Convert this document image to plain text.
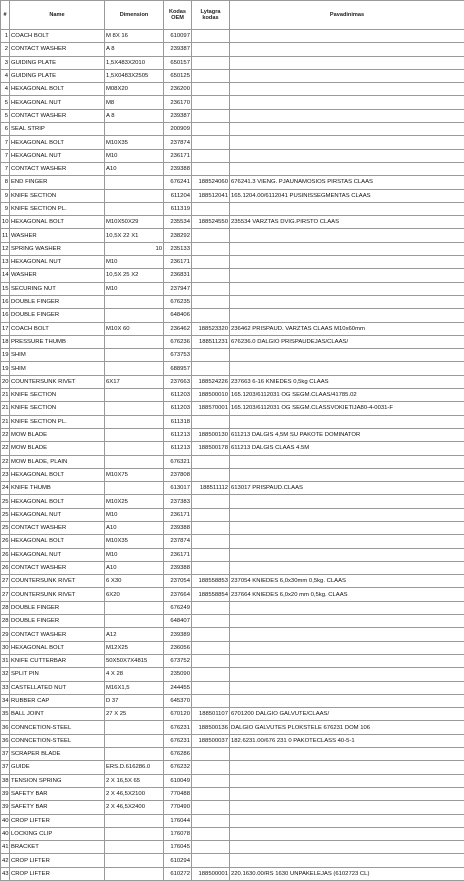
#	Name	Dimension	Kodas OEM	Lytagra kodas	Pavadinimas
1	COACH BOLT	M 8X 16	610097		
2	CONTACT WASHER	A 8	239387		
3	GUIDING PLATE	1,5X483X2010	650157		
4	GUIDING PLATE	1,5X0483X2505	650125		
4	HEXAGONAL BOLT	M08X20	236200		
5	HEXAGONAL NUT	M8	236170		
5	CONTACT WASHER	A 8	239387		
6	SEAL STRIP		200909		
7	HEXAGONAL BOLT	M10X35	237874		
7	HEXAGONAL NUT	M10	236171		
7	CONTACT WASHER	A10	239388		
8	END FINGER		676241	188524060	676241.3 VIENG. PJAUNAMOSIOS PIRSTAS CLAAS
9	KNIFE SECTION		611204	188512041	165.1204.00/6112041 PUSINISSEGMENTAS CLAAS
9	KNIFE SECTION PL.		611319		
10	HEXAGONAL BOLT	M10X50X29	235534	188524550	235534 VARZTAS DVIG.PIRSTO CLAAS
11	WASHER	10,5X 22 X1	238292		
12	SPRING WASHER	10	235133		
13	HEXAGONAL NUT	M10	236171		
14	WASHER	10,5X 25 X2	236831		
15	SECURING NUT	M10	237947		
16	DOUBLE FINGER		676235		
16	DOUBLE FINGER		648406		
17	COACH BOLT	M10X 60	236462	188523320	236462 PRISPAUD. VARZTAS CLAAS M10x60mm
18	PRESSURE THUMB		676236	188511231	676236.0 DALGIO PRISPAUDEJAS/CLAAS/
19	SHIM		673753		
19	SHIM		688957		
20	COUNTERSUNK RIVET	6X17	237663	188524226	237663 6-16 KNIEDES 0,5kg CLAAS
21	KNIFE SECTION		611203	188500010	165.1203/6112031 OG SEGM.CLAAS/41785.02
21	KNIFE SECTION		611203	188570001	165.1203/6112031 OG SEGM.CLASSVOKIETIJA80-4-0031-F
21	KNIFE SECTION PL.		611318		
22	MOW BLADE		611213	188500130	611213 DALGIS 4,5M SU PAKOTE DOMINATOR
22	MOW BLADE		611213	188500178	611213 DALGIS CLAAS 4.5M
22	MOW BLADE, PLAIN		676321		
23	HEXAGONAL BOLT	M10X75	237808		
24	KNIFE THUMB		613017	188511112	613017 PRISPAUD.CLAAS
25	HEXAGONAL BOLT	M10X25	237383		
25	HEXAGONAL NUT	M10	236171		
25	CONTACT WASHER	A10	239388		
26	HEXAGONAL BOLT	M10X35	237874		
26	HEXAGONAL NUT	M10	236171		
26	CONTACT WASHER	A10	239388		
27	COUNTERSUNK RIVET	6 X30	237054	188558853	237054 KNIEDES 6,0x30mm 0,5kg. CLAAS
27	COUNTERSUNK RIVET	6X20	237664	188558854	237664 KNIEDES 6,0x20 mm 0,5kg. CLAAS
28	DOUBLE FINGER		676249		
28	DOUBLE FINGER		648407		
29	CONTACT WASHER	A12	239389		
30	HEXAGONAL BOLT	M12X25	236056		
31	KNIFE CUTTERBAR	50X50X7X4815	673752		
32	SPLIT PIN	4 X 28	235090		
33	CASTELLATED NUT	M16X1,5	244455		
34	RUBBER CAP	D 37	645370		
35	BALL JOINT	27 X 25	670120	188501107	6701200 DALGIO GALVUTE/CLAAS/
36	CONNCETION-STEEL		676231	188500136	DALGIO GALVUTES PLOKSTELE 676231 DOM 106
36	CONNCETION-STEEL		676231	188500037	182.6231.00/676 231 0 PAKOTECLASS 40-5-1
37	SCRAPER BLADE		676286		
37	GUIDE	ERS.D.616286.0	676232		
38	TENSION SPRING	2 X 16,5X 65	610049		
39	SAFETY BAR	2 X 46,5X2100	770488		
39	SAFETY BAR	2 X 46,5X2400	770490		
40	CROP LIFTER		176044		
40	LOCKING CLIP		176078		
41	BRACKET		176045		
42	CROP LIFTER		610294		
43	CROP LIFTER		610272	188500001	220.1630.00/RS 1630 UNPAKELEJAS (6102723 CL)
